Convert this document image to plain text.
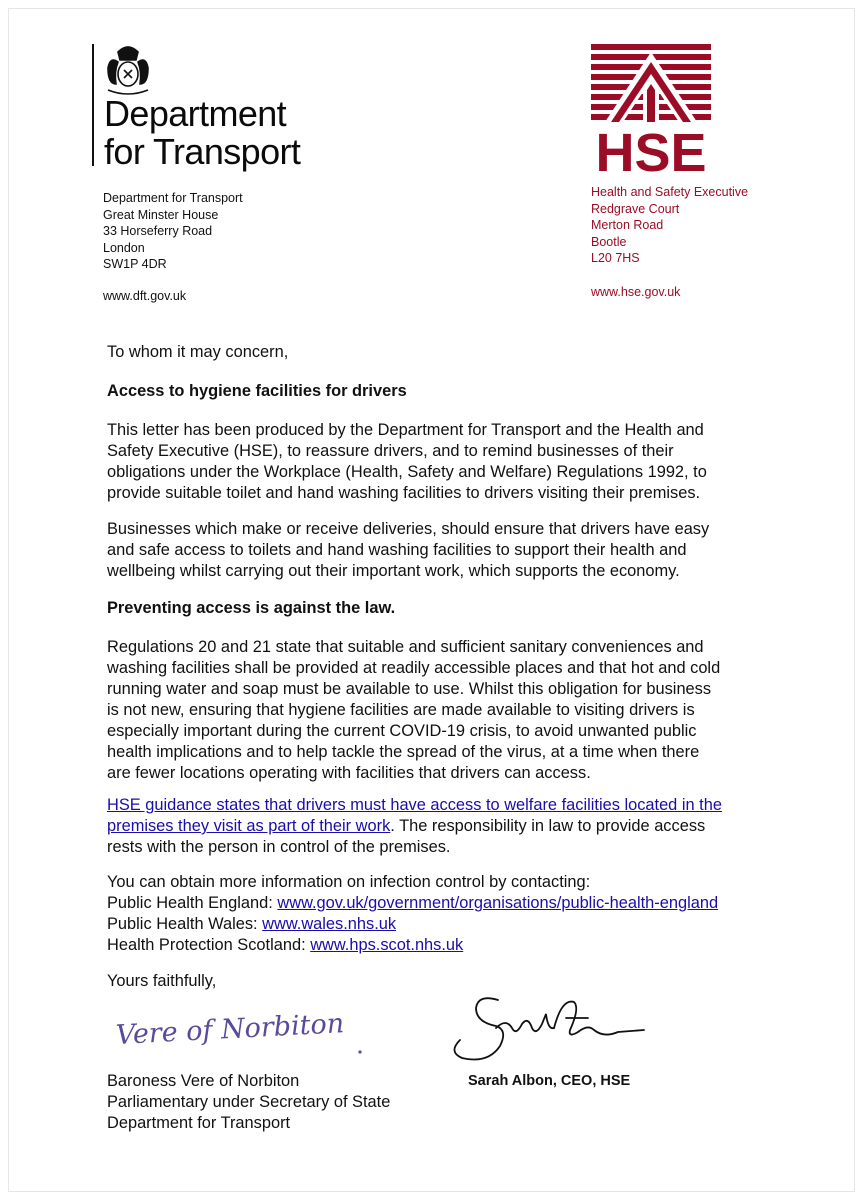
Department
for Transport
Department for Transport
Great Minster House
33 Horseferry Road
London
SW1P 4DR
www.dft.gov.uk
HSE
Health and Safety Executive
Redgrave Court
Merton Road
Bootle
L20 7HS
www.hse.gov.uk
To whom it may concern,
Access to hygiene facilities for drivers
This letter has been produced by the Department for Transport and the Health and
Safety Executive (HSE), to reassure drivers, and to remind businesses of their
obligations under the Workplace (Health, Safety and Welfare) Regulations 1992, to
provide suitable toilet and hand washing facilities to drivers visiting their premises.
Businesses which make or receive deliveries, should ensure that drivers have easy
and safe access to toilets and hand washing facilities to support their health and
wellbeing whilst carrying out their important work, which supports the economy.
Preventing access is against the law.
Regulations 20 and 21 state that suitable and sufficient sanitary conveniences and
washing facilities shall be provided at readily accessible places and that hot and cold
running water and soap must be available to use. Whilst this obligation for business
is not new, ensuring that hygiene facilities are made available to visiting drivers is
especially important during the current COVID-19 crisis, to avoid unwanted public
health implications and to help tackle the spread of the virus, at a time when there
are fewer locations operating with facilities that drivers can access.
HSE guidance states that drivers must have access to welfare facilities located in the
premises they visit as part of their work. The responsibility in law to provide access
rests with the person in control of the premises.
You can obtain more information on infection control by contacting:
Public Health England: www.gov.uk/government/organisations/public-health-england
Public Health Wales: www.wales.nhs.uk
Health Protection Scotland: www.hps.scot.nhs.uk
Yours faithfully,
Vere of Norbiton
Baroness Vere of Norbiton
Parliamentary under Secretary of State
Department for Transport
Sarah Albon, CEO, HSE
